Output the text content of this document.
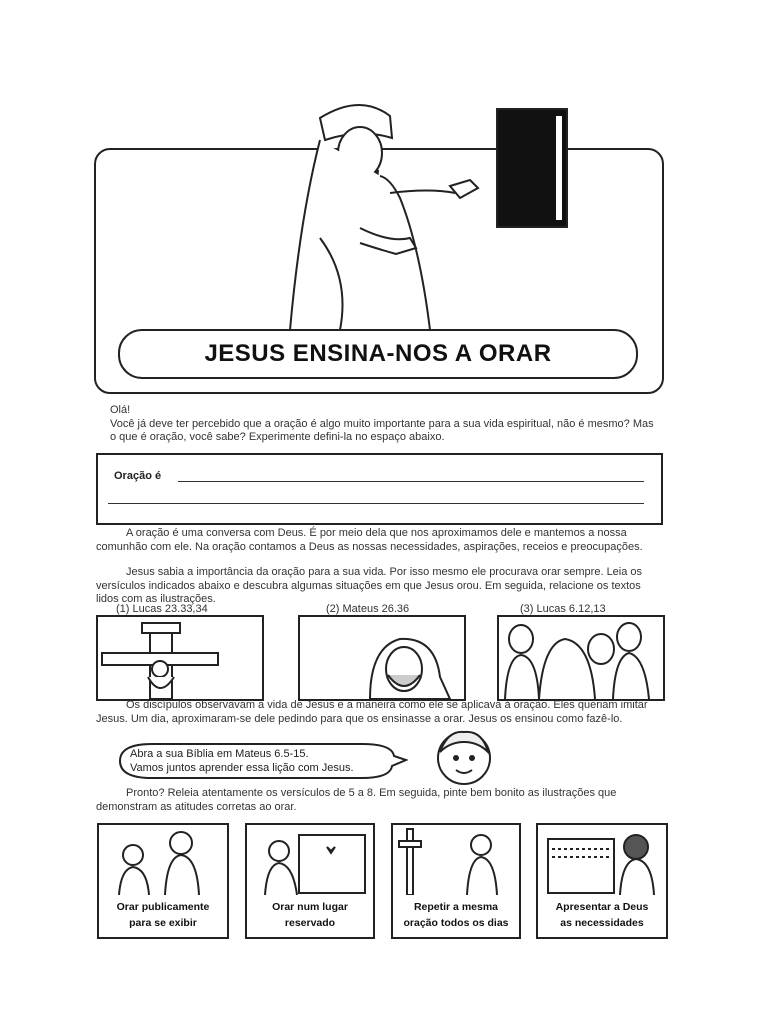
JESUS ENSINA-NOS A ORAR
Olá!
Você já deve ter percebido que a oração é algo muito importante para a sua vida espiritual, não é mesmo? Mas o que é oração, você sabe? Experimente defini-la no espaço abaixo.
Oração é
A oração é uma conversa com Deus. É por meio dela que nos aproximamos dele e mantemos a nossa comunhão com ele. Na oração contamos a Deus as nossas necessidades, aspirações, receios e preocupações.
Jesus sabia a importância da oração para a sua vida. Por isso mesmo ele procurava orar sempre. Leia os versículos indicados abaixo e descubra algumas situações em que Jesus orou. Em seguida, relacione os textos lidos com as ilustrações.
(1) Lucas 23.33,34	(2) Mateus 26.36	(3) Lucas 6.12,13
Os discípulos observavam a vida de Jesus e a maneira como ele se aplicava à oração. Eles queriam imitar Jesus. Um dia, aproximaram-se dele pedindo para que os ensinasse a orar. Jesus os ensinou como fazê-lo.
Abra a sua Bíblia em Mateus 6.5-15.
Vamos juntos aprender essa lição com Jesus.
Pronto? Releia atentamente os versículos de 5 a 8. Em seguida, pinte bem bonito as ilustrações que demonstram as atitudes corretas ao orar.
Orar publicamente
para se exibir
Orar num lugar
reservado
Repetir a mesma
oração todos os dias
Apresentar a Deus
as necessidades
